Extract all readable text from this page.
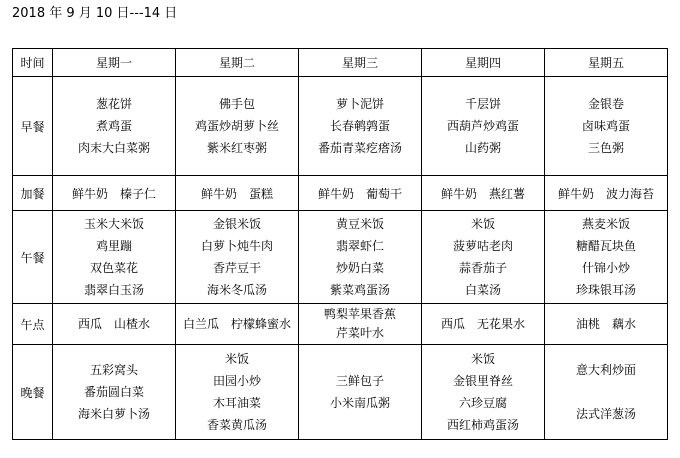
2018 年 9 月 10 日---14 日
时间	星期一	星期二	星期三	星期四	星期五
早餐	葱花饼
煮鸡蛋
肉末大白菜粥	佛手包
鸡蛋炒胡萝卜丝
紫米红枣粥	萝卜泥饼
长春鹌鹑蛋
番茄青菜疙瘩汤	千层饼
西葫芦炒鸡蛋
山药粥	金银卷
卤味鸡蛋
三色粥

加餐	鲜牛奶　榛子仁	鲜牛奶　蛋糕	鲜牛奶　葡萄干	鲜牛奶　燕红薯	鲜牛奶　波力海苔

午餐	玉米大米饭
鸡里蹦
双色菜花
翡翠白玉汤	金银米饭
白萝卜炖牛肉
香芹豆干
海米冬瓜汤	黄豆米饭
翡翠虾仁
炒奶白菜
紫菜鸡蛋汤	米饭
菠萝咕老肉
蒜香茄子
白菜汤	燕麦米饭
糖醋瓦块鱼
什锦小炒
珍珠银耳汤

午点	西瓜　山楂水	白兰瓜　柠檬蜂蜜水	鸭梨苹果香蕉
芹菜叶水	西瓜　无花果水	油桃　藕水

晚餐	五彩窝头
番茄圆白菜
海米白萝卜汤	米饭
田园小炒
木耳油菜
香菜黄瓜汤	三鲜包子
小米南瓜粥	米饭
金银里脊丝
六珍豆腐
西红柿鸡蛋汤	意大利炒面
法式洋葱汤
